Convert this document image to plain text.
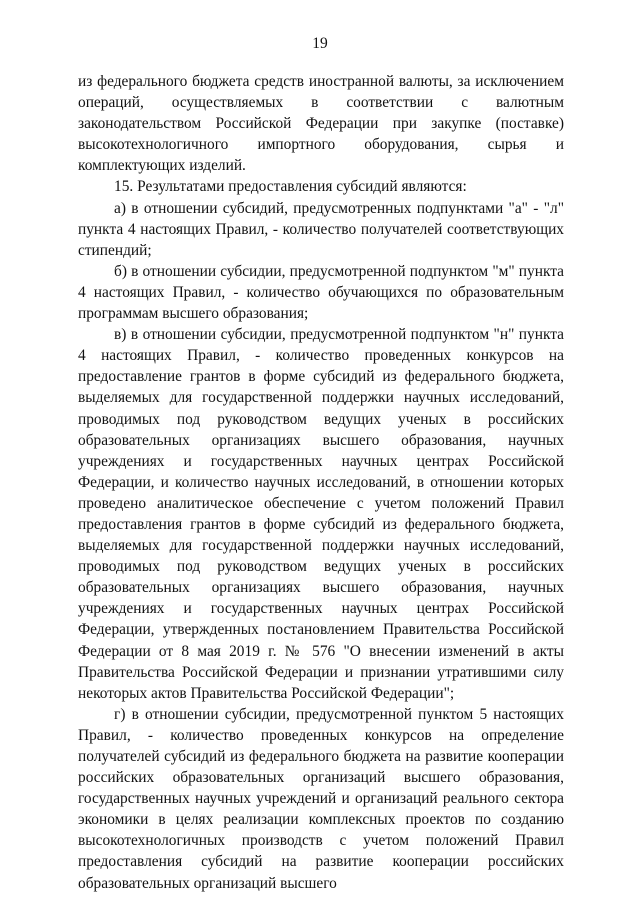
19

из федерального бюджета средств иностранной валюты, за исключением операций, осуществляемых в соответствии с валютным законодательством Российской Федерации при закупке (поставке) высокотехнологичного импортного оборудования, сырья и комплектующих изделий.

15. Результатами предоставления субсидий являются:

а) в отношении субсидий, предусмотренных подпунктами "а" - "л" пункта 4 настоящих Правил, - количество получателей соответствующих стипендий;

б) в отношении субсидии, предусмотренной подпунктом "м" пункта 4 настоящих Правил, - количество обучающихся по образовательным программам высшего образования;

в) в отношении субсидии, предусмотренной подпунктом "н" пункта 4 настоящих Правил, - количество проведенных конкурсов на предоставление грантов в форме субсидий из федерального бюджета, выделяемых для государственной поддержки научных исследований, проводимых под руководством ведущих ученых в российских образовательных организациях высшего образования, научных учреждениях и государственных научных центрах Российской Федерации, и количество научных исследований, в отношении которых проведено аналитическое обеспечение с учетом положений Правил предоставления грантов в форме субсидий из федерального бюджета, выделяемых для государственной поддержки научных исследований, проводимых под руководством ведущих ученых в российских образовательных организациях высшего образования, научных учреждениях и государственных научных центрах Российской Федерации, утвержденных постановлением Правительства Российской Федерации от 8 мая 2019 г. № 576 "О внесении изменений в акты Правительства Российской Федерации и признании утратившими силу некоторых актов Правительства Российской Федерации";

г) в отношении субсидии, предусмотренной пунктом 5 настоящих Правил, - количество проведенных конкурсов на определение получателей субсидий из федерального бюджета на развитие кооперации российских образовательных организаций высшего образования, государственных научных учреждений и организаций реального сектора экономики в целях реализации комплексных проектов по созданию высокотехнологичных производств с учетом положений Правил предоставления субсидий на развитие кооперации российских образовательных организаций высшего
